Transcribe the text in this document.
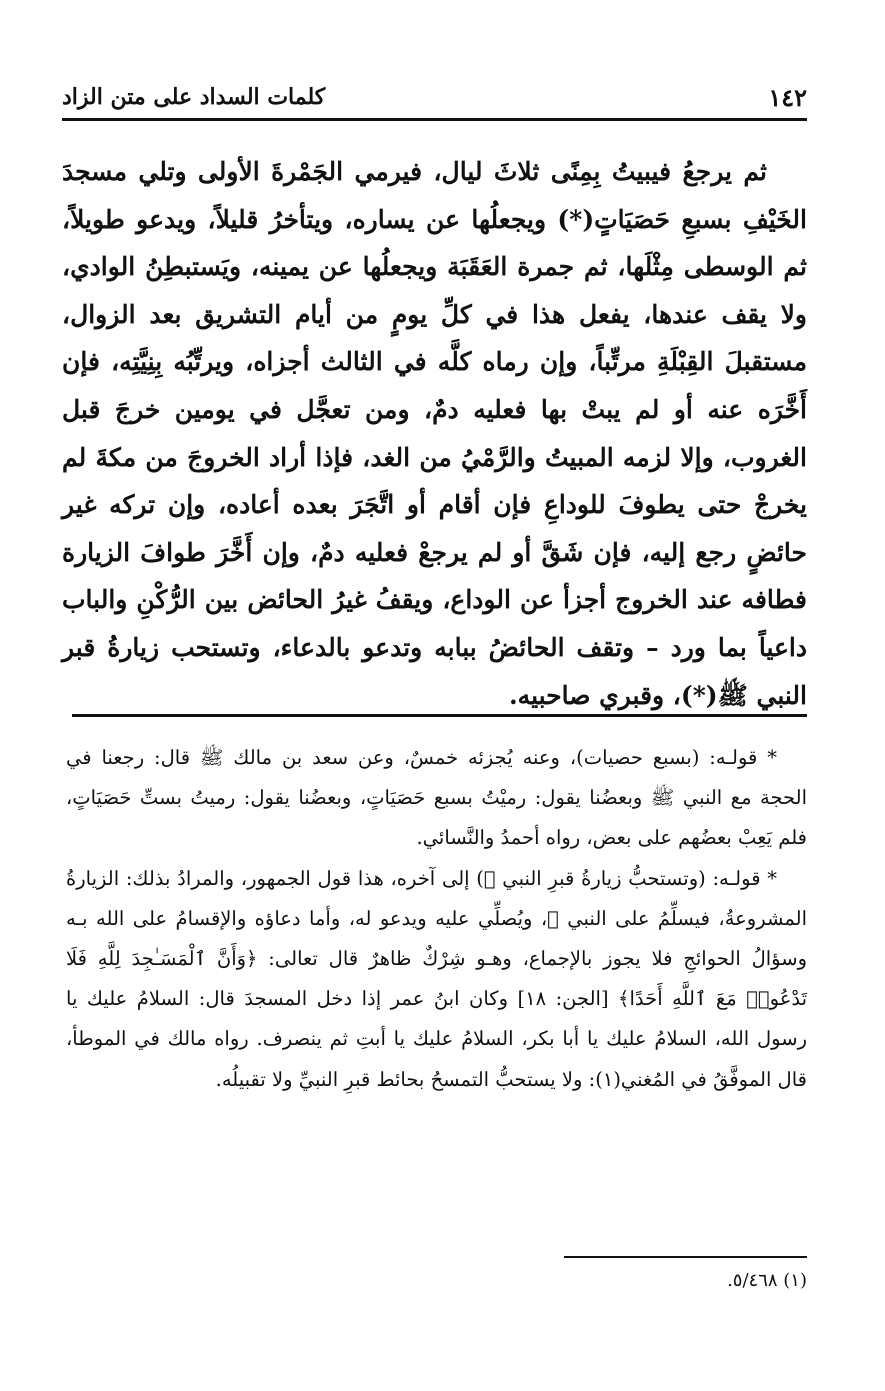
١٤٢
كلمات السداد على متن الزاد

ثم يرجعُ فيبيتُ بِمِنًى ثلاثَ ليال، فيرمي الجَمْرةَ الأولى وتلي مسجدَ الخَيْفِ بسبعِ حَصَيَاتٍ(*) ويجعلُها عن يساره، ويتأخرُ قليلاً، ويدعو طويلاً، ثم الوسطى مِثْلَها، ثم جمرة العَقَبَة ويجعلُها عن يمينه، ويَستبطِنُ الوادي، ولا يقف عندها، يفعل هذا في كلِّ يومٍ من أيام التشريق بعد الزوال، مستقبلَ القِبْلَةِ مرتِّباً، وإن رماه كلَّه في الثالث أجزاه، ويرتِّبُه بِنِيَّتِه، فإن أَخَّرَه عنه أو لم يبتْ بها فعليه دمٌ، ومن تعجَّل في يومين خرجَ قبل الغروب، وإلا لزمه المبيتُ والرَّمْيُ من الغد، فإذا أراد الخروجَ من مكةَ لم يخرجْ حتى يطوفَ للوداعِ فإن أقام أو اتَّجَرَ بعده أعاده، وإن تركه غير حائضٍ رجع إليه، فإن شَقَّ أو لم يرجعْ فعليه دمٌ، وإن أَخَّرَ طوافَ الزيارة فطافه عند الخروج أجزأ عن الوداع، ويقفُ غيرُ الحائض بين الرُّكْنِ والباب داعياً بما ورد – وتقف الحائضُ ببابه وتدعو بالدعاء، وتستحب زيارةُ قبر النبي ﷺ(*)، وقبري صاحبيه.

* قولـه: (بسبع حصيات)، وعنه يُجزئه خمسٌ، وعن سعد بن مالك ﷺ قال: رجعنا في الحجة مع النبي ﷺ وبعضُنا يقول: رميْتُ بسبع حَصَيَاتٍ، وبعضُنا يقول: رميتُ بستِّ حَصَيَاتٍ، فلم يَعِبْ بعضُهم على بعض، رواه أحمدُ والنَّسائي.

* قولـه: (وتستحبُّ زيارةُ قبرِ النبي ﷺ) إلى آخره، هذا قول الجمهور، والمرادُ بذلك: الزيارةُ المشروعةُ، فيسلِّمُ على النبي ﷺ، ويُصلِّي عليه ويدعو له، وأما دعاؤه والإقسامُ على الله بـه وسؤالُ الحوائجِ فلا يجوز بالإجماع، وهـو شِرْكٌ ظاهرٌ قال تعالى: ﴿وَأَنَّ ٱلْمَسَـٰجِدَ لِلَّهِ فَلَا تَدْعُوا۟ مَعَ ٱللَّهِ أَحَدًا﴾ [الجن: ١٨] وكان ابنُ عمر إذا دخل المسجدَ قال: السلامُ عليك يا رسول الله، السلامُ عليك يا أبا بكر، السلامُ عليك يا أبتِ ثم ينصرف. رواه مالك في الموطأ، قال الموفَّقُ في المُغني(١): ولا يستحبُّ التمسحُ بحائط قبرِ النبيِّ ولا تقبيلُه.

(١) ٥/٤٦٨.
